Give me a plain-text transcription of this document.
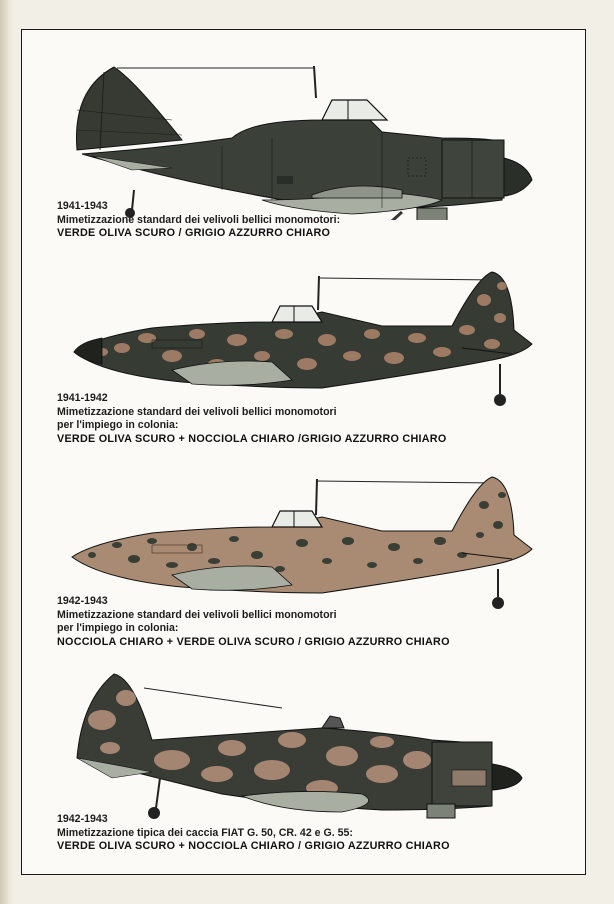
1941-1943
Mimetizzazione standard dei velivoli bellici monomotori:
VERDE OLIVA SCURO / GRIGIO AZZURRO CHIARO
1941-1942
Mimetizzazione standard dei velivoli bellici monomotori
per l'impiego in colonia:
VERDE OLIVA SCURO + NOCCIOLA CHIARO /GRIGIO AZZURRO CHIARO
1942-1943
Mimetizzazione standard dei velivoli bellici monomotori
per l'impiego in colonia:
NOCCIOLA CHIARO + VERDE OLIVA SCURO / GRIGIO AZZURRO CHIARO
1942-1943
Mimetizzazione tipica dei caccia FIAT G. 50, CR. 42 e G. 55:
VERDE OLIVA SCURO + NOCCIOLA CHIARO / GRIGIO AZZURRO CHIARO
